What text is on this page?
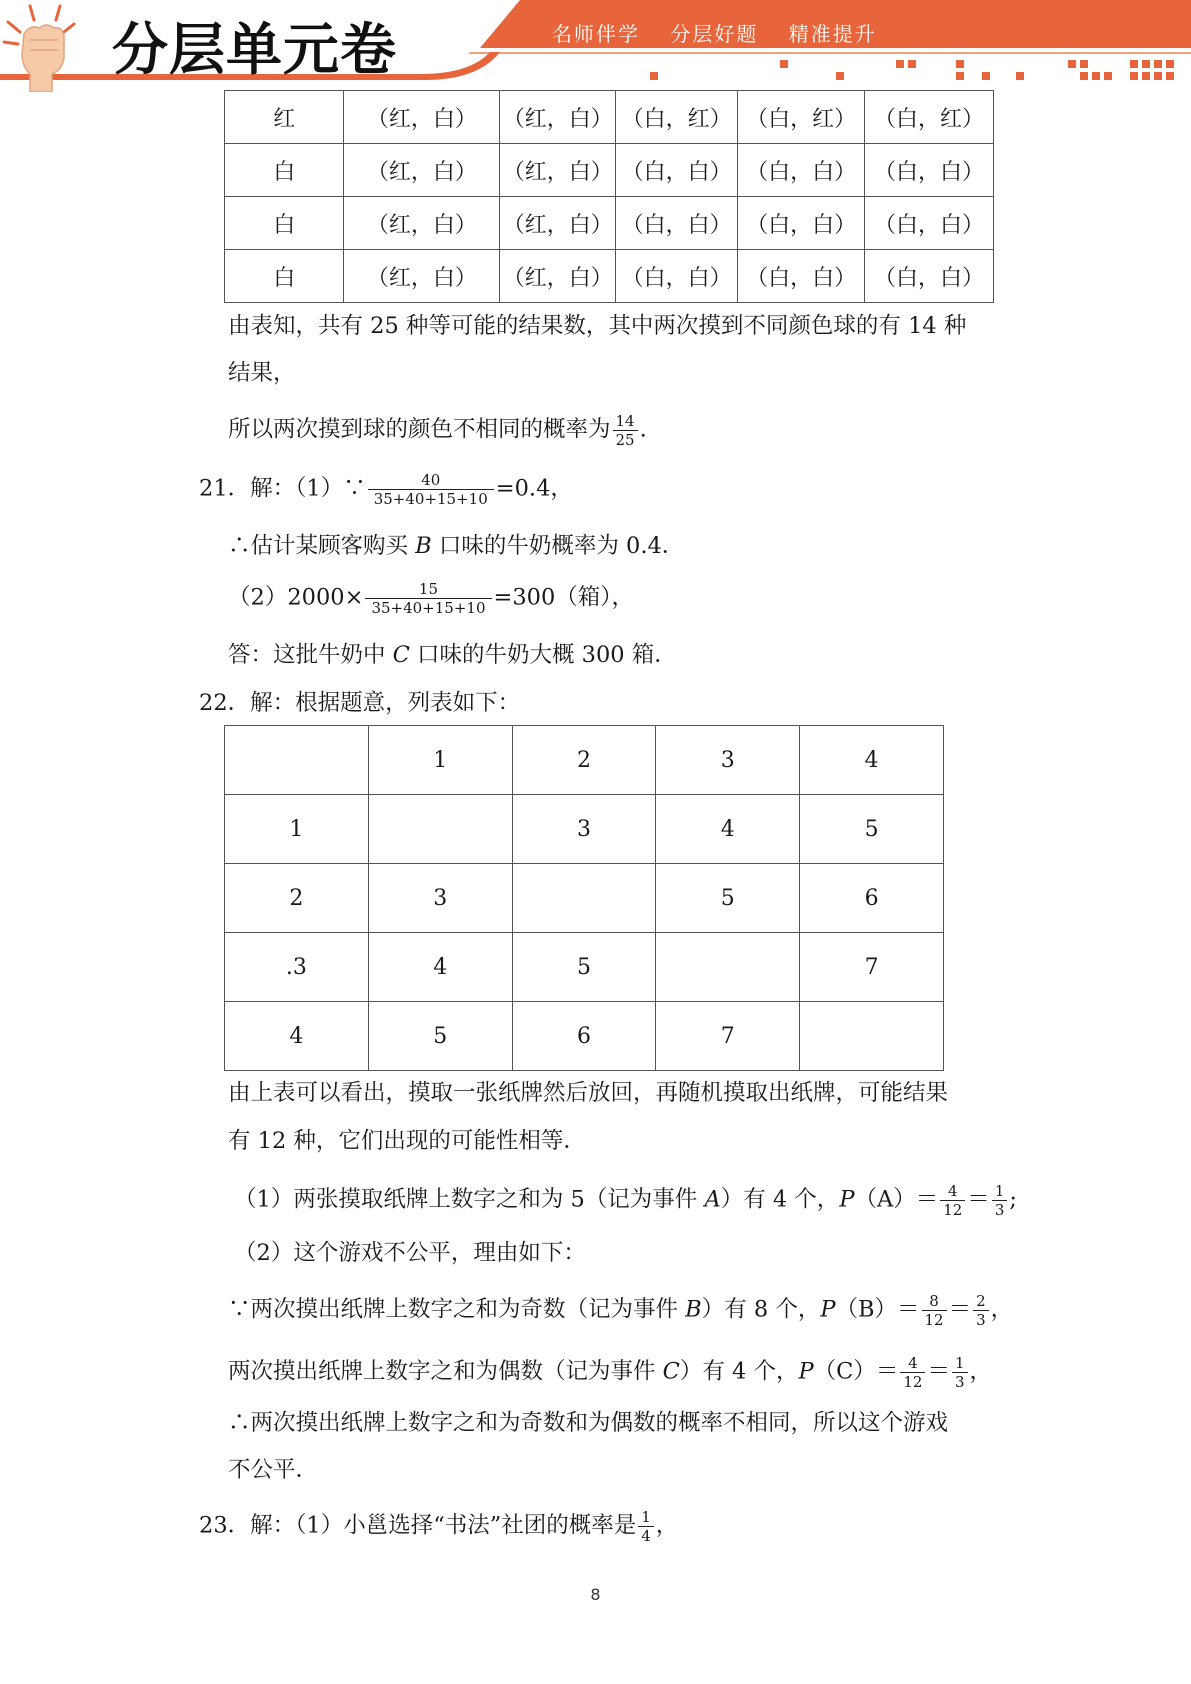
分层单元卷	名师伴学 分层好题 精准提升
红	（红，白）	（红，白）	（白，红）	（白，红）	（白，红）
白	（红，白）	（红，白）	（白，白）	（白，白）	（白，白）
白	（红，白）	（红，白）	（白，白）	（白，白）	（白，白）
白	（红，白）	（红，白）	（白，白）	（白，白）	（白，白）
由表知，共有 25 种等可能的结果数，其中两次摸到不同颜色球的有 14 种
结果，
所以两次摸到球的颜色不相同的概率为 $\frac{14}{25}$ .
21．解：（1）∵ $\frac{40}{35+40+15+10} =0.4$，
∴估计某顾客购买 B 口味的牛奶概率为 0.4．
$(2)2000\times \frac{15}{35+40+15+10} =300$（箱），
答：这批牛奶中 C 口味的牛奶大概 300 箱．
22．解：根据题意，列表如下：
	1	2	3	4
1		3	4	5
2	3		5	6
.3	4	5		7
4	5	6	7	
由上表可以看出，摸取一张纸牌然后放回，再随机摸取出纸牌，可能结果
有 12 种，它们出现的可能性相等．
（1）两张摸取纸牌上数字之和为 5（记为事件 A）有 4 个，$P(A)= \frac{4}{12} = \frac{1}{3}$ ;
（2）这个游戏不公平，理由如下：
∵两次摸出纸牌上数字之和为奇数（记为事件 B）有 8 个，$P(B)= \frac{8}{12} = \frac{2}{3}$ ，
两次摸出纸牌上数字之和为偶数（记为事件 C）有 4 个，$P(C)= \frac{4}{12} = \frac{1}{3}$ ，
∴两次摸出纸牌上数字之和为奇数和为偶数的概率不相同，所以这个游戏
不公平．
23．解：（1）小邕选择“书法”社团的概率是 $\frac{1}{4}$ ，
8
